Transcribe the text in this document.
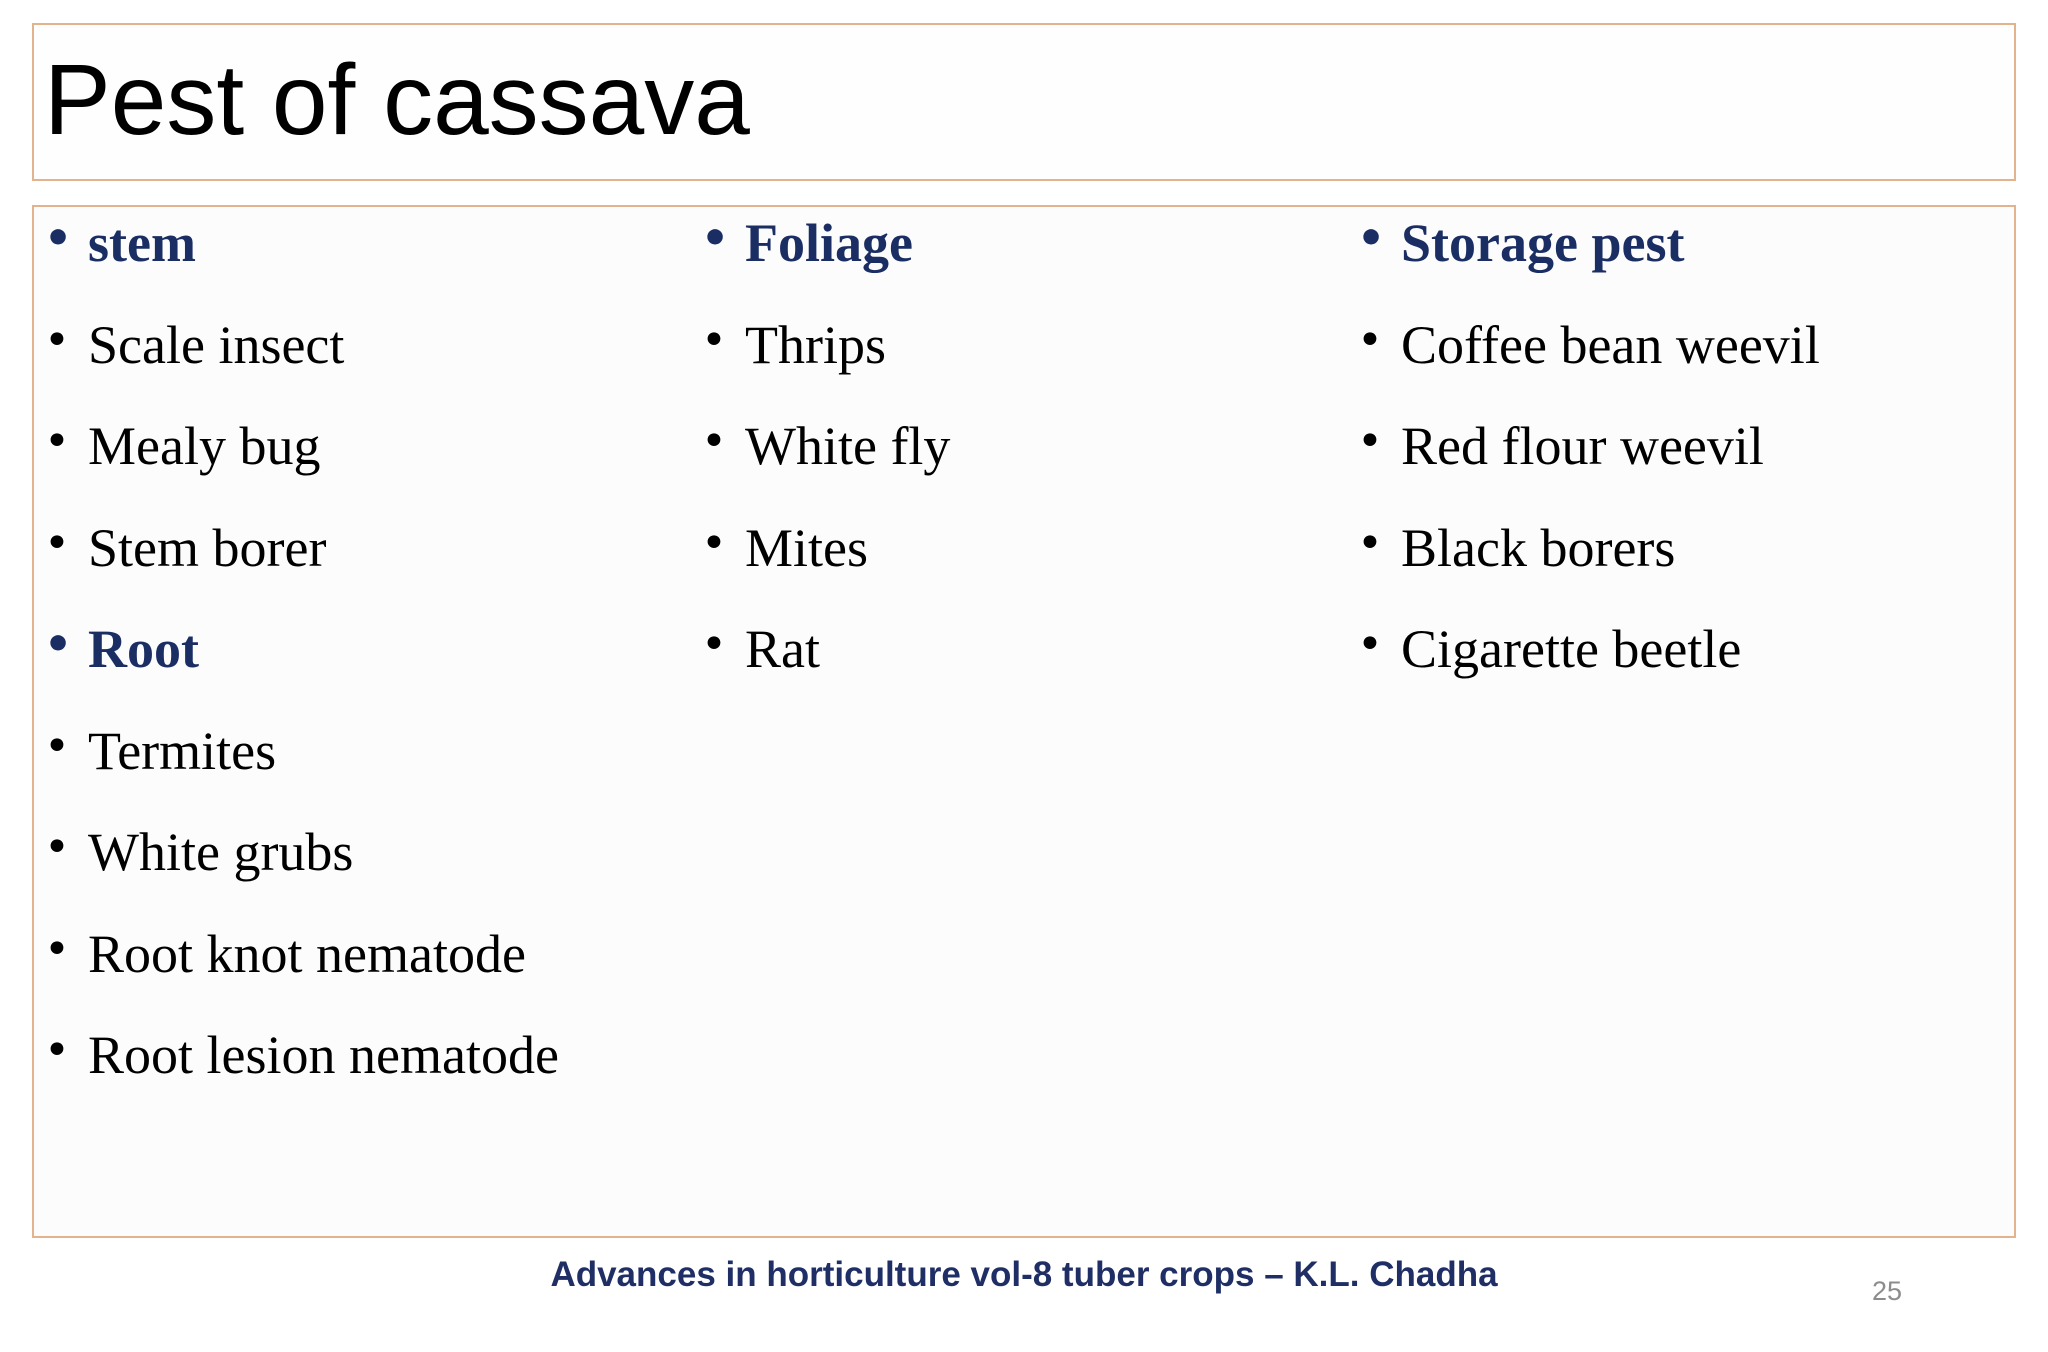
Pest of cassava
• stem
• Scale insect
• Mealy bug
• Stem borer
• Root
• Termites
• White grubs
• Root knot nematode
• Root lesion nematode
• Foliage
• Thrips
• White fly
• Mites
• Rat
• Storage pest
• Coffee bean weevil
• Red flour weevil
• Black borers
• Cigarette beetle

Advances in horticulture vol-8 tuber crops – K.L. Chadha	25
